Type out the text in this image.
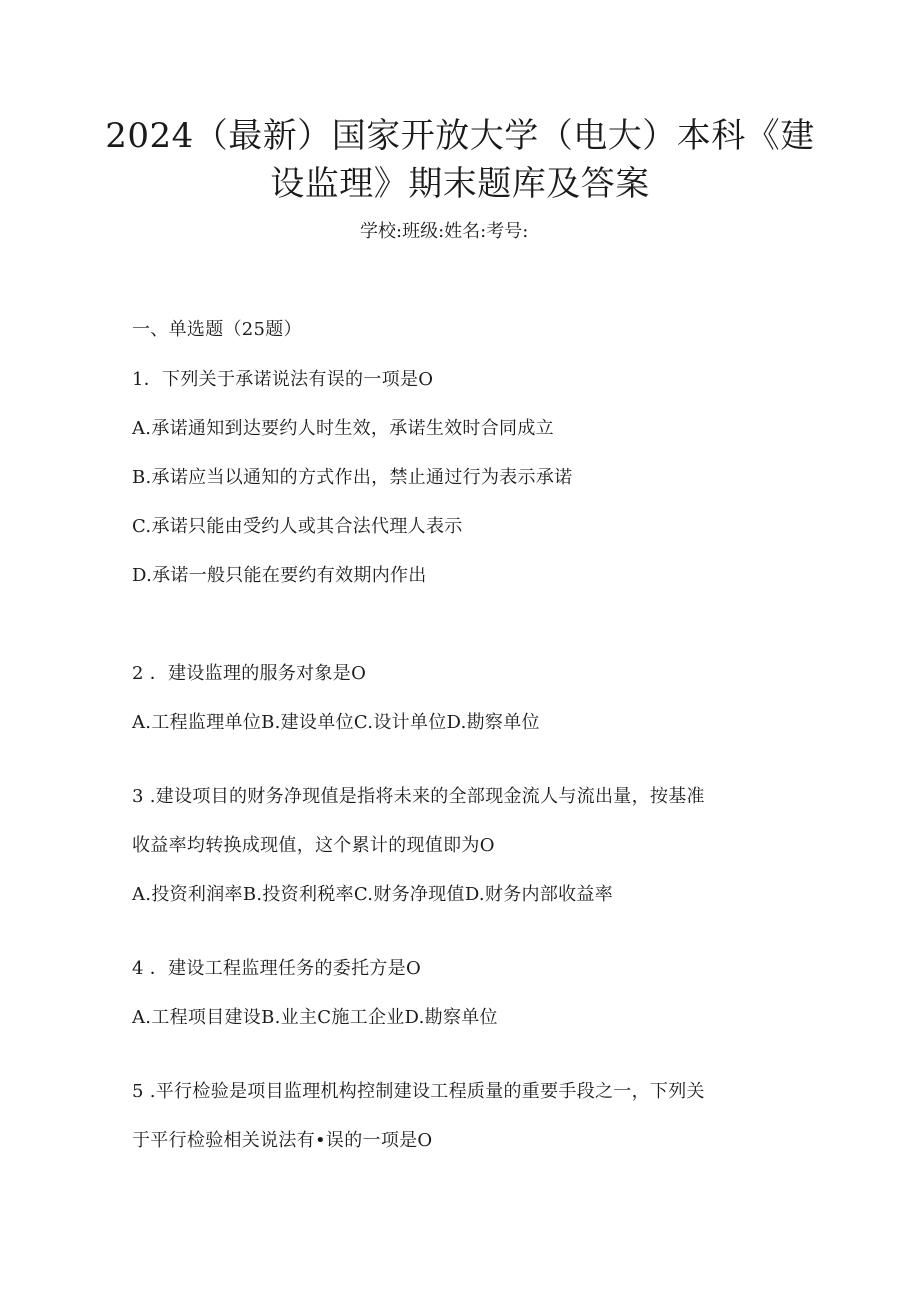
2024（最新）国家开放大学（电大）本科《建
设监理》期末题库及答案
学校:班级:姓名:考号:
一、单选题（25题）
1．下列关于承诺说法有误的一项是O
A.承诺通知到达要约人时生效，承诺生效时合同成立
B.承诺应当以通知的方式作出，禁止通过行为表示承诺
C.承诺只能由受约人或其合法代理人表示
D.承诺一般只能在要约有效期内作出
2 ．建设监理的服务对象是O
A.工程监理单位B.建设单位C.设计单位D.勘察单位
3 .建设项目的财务净现值是指将未来的全部现金流人与流出量，按基准
收益率均转换成现值，这个累计的现值即为O
A.投资利润率B.投资利税率C.财务净现值D.财务内部收益率
4 ．建设工程监理任务的委托方是O
A.工程项目建设B.业主C施工企业D.勘察单位
5 .平行检验是项目监理机构控制建设工程质量的重要手段之一，下列关
于平行检验相关说法有•误的一项是O
